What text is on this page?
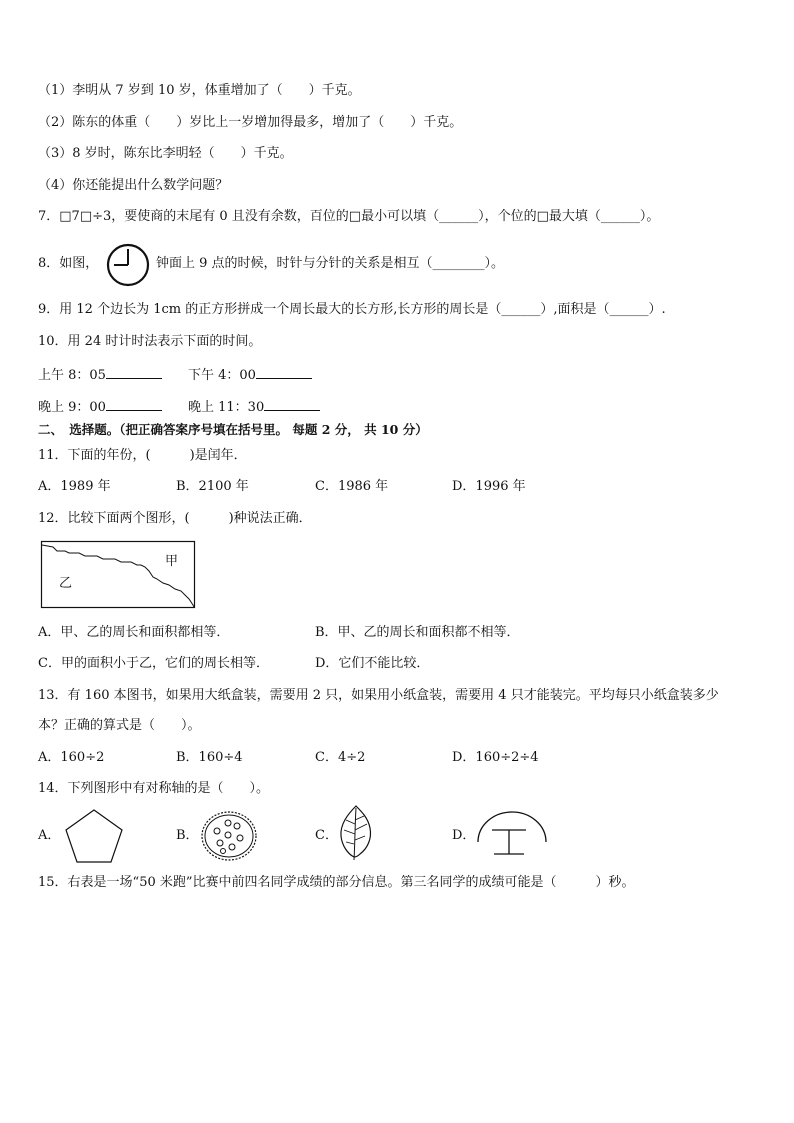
（1）李明从 7 岁到 10 岁，体重增加了（　　）千克。
（2）陈东的体重（　　）岁比上一岁增加得最多，增加了（　　）千克。
（3）8 岁时，陈东比李明轻（　　）千克。
（4）你还能提出什么数学问题？
7．□7□÷3，要使商的末尾有 0 且没有余数，百位的□最小可以填（______），个位的□最大填（______）。
8．如图，	钟面上 9 点的时候，时针与分针的关系是相互（________）。
9．用 12 个边长为 1cm 的正方形拼成一个周长最大的长方形,长方形的周长是（______）,面积是（______）.
10．用 24 时计时法表示下面的时间。
上午 8：05	下午 4：00
晚上 9：00	晚上 11：30
二、　选择题。（把正确答案序号填在括号里。 每题 2 分， 共 10 分）
11．下面的年份，(　　　)是闰年．
A．1989 年	B．2100 年	C．1986 年	D．1996 年
12．比较下面两个图形，(　　　)种说法正确．
甲
乙
A．甲、乙的周长和面积都相等．	B．甲、乙的周长和面积都不相等．
C．甲的面积小于乙，它们的周长相等．	D．它们不能比较．
13．有 160 本图书，如果用大纸盒装，需要用 2 只，如果用小纸盒装，需要用 4 只才能装完。平均每只小纸盒装多少
本？正确的算式是（　　）。
A．160÷2	B．160÷4	C．4÷2	D．160÷2÷4
14．下列图形中有对称轴的是（　　）。
A．	B．	C．	D．
15．右表是一场“50 米跑”比赛中前四名同学成绩的部分信息。第三名同学的成绩可能是（　　　）秒。
